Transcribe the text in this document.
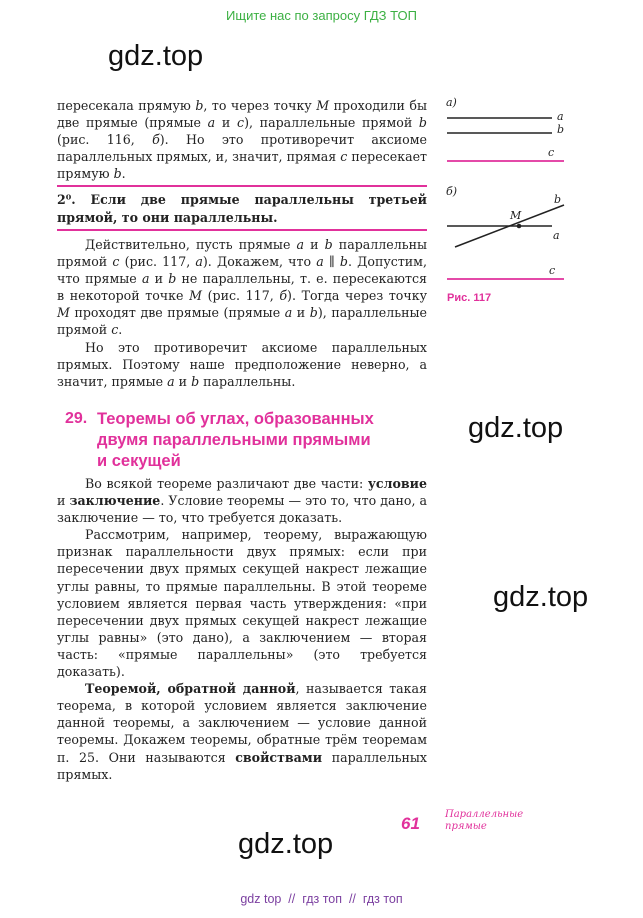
Ищите нас по запросу ГДЗ ТОП
gdz.top
gdz.top
gdz.top
gdz.top

пересекала прямую b, то через точку M проходили бы две прямые (прямые a и c), параллельные прямой b (рис. 116, б). Но это противоречит аксиоме параллельных прямых, и, значит, прямая c пересекает прямую b.

2⁰. Если две прямые параллельны третьей прямой, то они параллельны.

Действительно, пусть прямые a и b параллельны прямой c (рис. 117, а). Докажем, что a ∥ b. Допустим, что прямые a и b не параллельны, т. е. пересекаются в некоторой точке M (рис. 117, б). Тогда через точку M проходят две прямые (прямые a и b), параллельные прямой c.

Но это противоречит аксиоме параллельных прямых. Поэтому наше предположение неверно, а значит, прямые a и b параллельны.

29. Теоремы об углах, образованных
двумя параллельными прямыми
и секущей

Во всякой теореме различают две части: условие и заключение. Условие теоремы — это то, что дано, а заключение — то, что требуется доказать.

Рассмотрим, например, теорему, выражающую признак параллельности двух прямых: если при пересечении двух прямых секущей накрест лежащие углы равны, то прямые параллельны. В этой теореме условием является первая часть утверждения: «при пересечении двух прямых секущей накрест лежащие углы равны» (это дано), а заключением — вторая часть: «прямые параллельны» (это требуется доказать).

Теоремой, обратной данной, называется такая теорема, в которой условием является заключение данной теоремы, а заключением — условие данной теоремы. Докажем теоремы, обратные трём теоремам п. 25. Они называются свойствами параллельных прямых.

а)
a
b
c
б)
b
M
a
c
Рис. 117
61	Параллельные
прямые
gdz top  //  гдз топ  //  гдз топ
